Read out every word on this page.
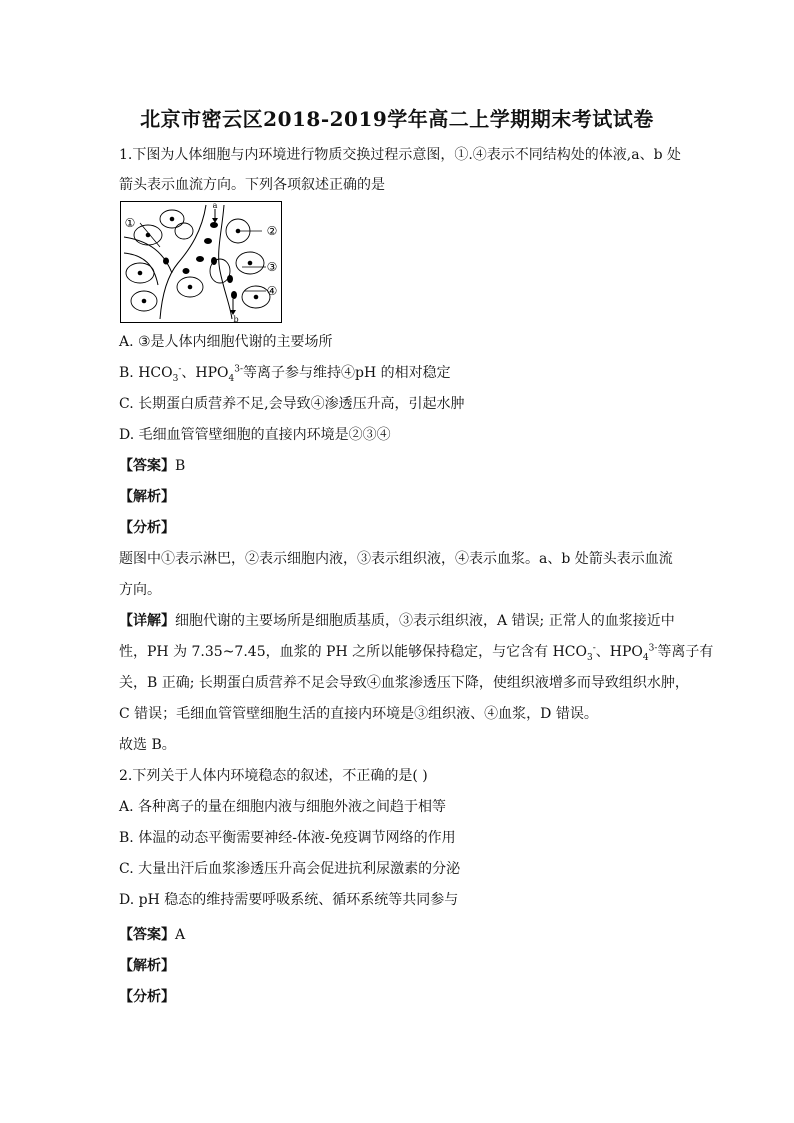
北京市密云区2018-2019学年高二上学期期末考试试卷
1.下图为人体细胞与内环境进行物质交换过程示意图，①.④表示不同结构处的体液,a、b 处
箭头表示血流方向。下列各项叙述正确的是
a
b
①
②
③
④
A. ③是人体内细胞代谢的主要场所
B. $HCO_3^-$、$HPO_4^{3-}$等离子参与维持④pH 的相对稳定
C. 长期蛋白质营养不足,会导致④渗透压升高，引起水肿
D. 毛细血管管壁细胞的直接内环境是②③④
【答案】B
【解析】
【分析】
题图中①表示淋巴，②表示细胞内液，③表示组织液，④表示血浆。a、b 处箭头表示血流
方向。
【详解】细胞代谢的主要场所是细胞质基质，③表示组织液，A 错误; 正常人的血浆接近中
性，PH 为 7.35~7.45，血浆的 PH 之所以能够保持稳定，与它含有 $HCO_3^-$、$HPO_4^{3-}$等离子有
关，B 正确; 长期蛋白质营养不足会导致④血浆渗透压下降，使组织液增多而导致组织水肿，
C 错误；毛细血管管壁细胞生活的直接内环境是③组织液、④血浆，D 错误。
故选 B。
2.下列关于人体内环境稳态的叙述，不正确的是( )
A. 各种离子的量在细胞内液与细胞外液之间趋于相等
B. 体温的动态平衡需要神经-体液-免疫调节网络的作用
C. 大量出汗后血浆渗透压升高会促进抗利尿激素的分泌
D. pH 稳态的维持需要呼吸系统、循环系统等共同参与
【答案】A
【解析】
【分析】
